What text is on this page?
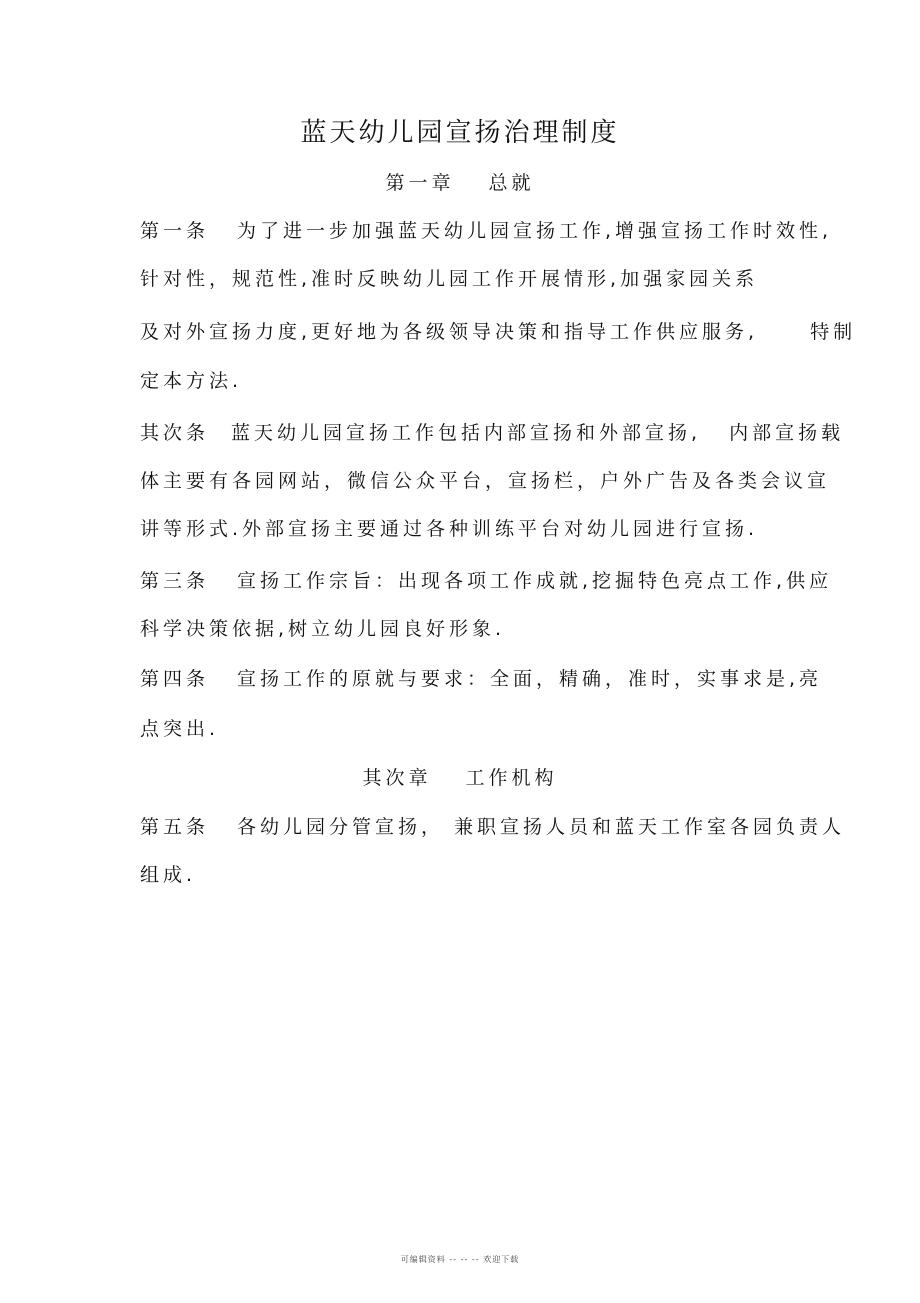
蓝天幼儿园宣扬治理制度
第一章 总就
第一条 为了进一步加强蓝天幼儿园宣扬工作,增强宣扬工作时效性,
针对性，规范性,准时反映幼儿园工作开展情形,加强家园关系
及对外宣扬力度,更好地为各级领导决策和指导工作供应服务,	特制
定本方法.
其次条 蓝天幼儿园宣扬工作包括内部宣扬和外部宣扬, 内部宣扬载
体主要有各园网站，微信公众平台，宣扬栏，户外广告及各类会议宣
讲等形式.外部宣扬主要通过各种训练平台对幼儿园进行宣扬.
第三条 宣扬工作宗旨：出现各项工作成就,挖掘特色亮点工作,供应
科学决策依据,树立幼儿园良好形象.
第四条 宣扬工作的原就与要求：全面，精确，准时，实事求是,亮
点突出.
其次章 工作机构
第五条 各幼儿园分管宣扬， 兼职宣扬人员和蓝天工作室各园负责人
组成.
可编辑资料 -- -- -- 欢迎下载
